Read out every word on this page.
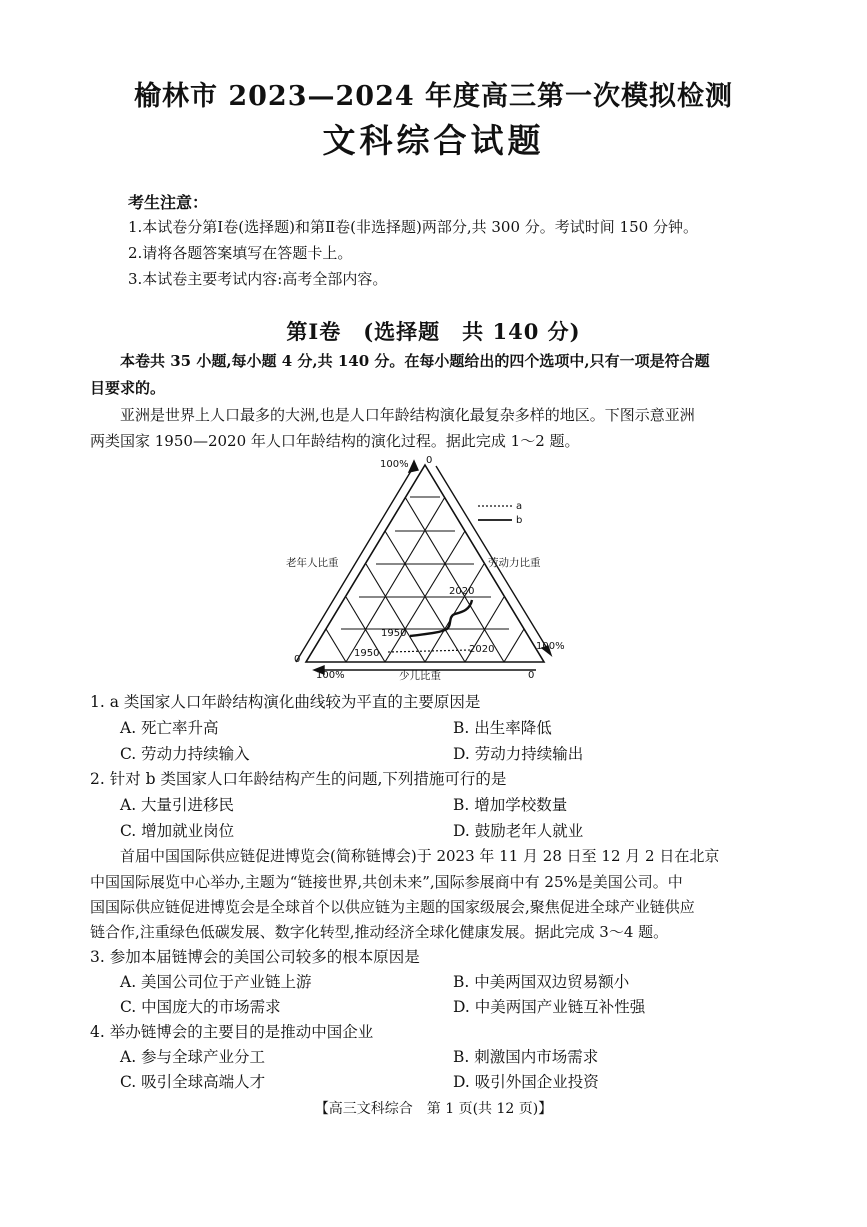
榆林市 2023—2024 年度高三第一次模拟检测
文科综合试题
考生注意：
1.本试卷分第Ⅰ卷(选择题)和第Ⅱ卷(非选择题)两部分,共 300 分。考试时间 150 分钟。
2.请将各题答案填写在答题卡上。
3.本试卷主要考试内容:高考全部内容。
第Ⅰ卷　(选择题　共 140 分)
本卷共 35 小题,每小题 4 分,共 140 分。在每小题给出的四个选项中,只有一项是符合题
目要求的。
亚洲是世界上人口最多的大洲,也是人口年龄结构演化最复杂多样的地区。下图示意亚洲
两类国家 1950—2020 年人口年龄结构的演化过程。据此完成 1～2 题。
100% 0
老年人比重	劳动力比重
少儿比重
0
100%
100%
0
a
b
2020
1950
1950	2020
1. a 类国家人口年龄结构演化曲线较为平直的主要原因是
A. 死亡率升高	B. 出生率降低
C. 劳动力持续输入	D. 劳动力持续输出
2. 针对 b 类国家人口年龄结构产生的问题,下列措施可行的是
A. 大量引进移民	B. 增加学校数量
C. 增加就业岗位	D. 鼓励老年人就业
首届中国国际供应链促进博览会(简称链博会)于 2023 年 11 月 28 日至 12 月 2 日在北京
中国国际展览中心举办,主题为“链接世界,共创未来”,国际参展商中有 25%是美国公司。中
国国际供应链促进博览会是全球首个以供应链为主题的国家级展会,聚焦促进全球产业链供应
链合作,注重绿色低碳发展、数字化转型,推动经济全球化健康发展。据此完成 3～4 题。
3. 参加本届链博会的美国公司较多的根本原因是
A. 美国公司位于产业链上游	B. 中美两国双边贸易额小
C. 中国庞大的市场需求	D. 中美两国产业链互补性强
4. 举办链博会的主要目的是推动中国企业
A. 参与全球产业分工	B. 刺激国内市场需求
C. 吸引全球高端人才	D. 吸引外国企业投资
【高三文科综合　第 1 页(共 12 页)】
